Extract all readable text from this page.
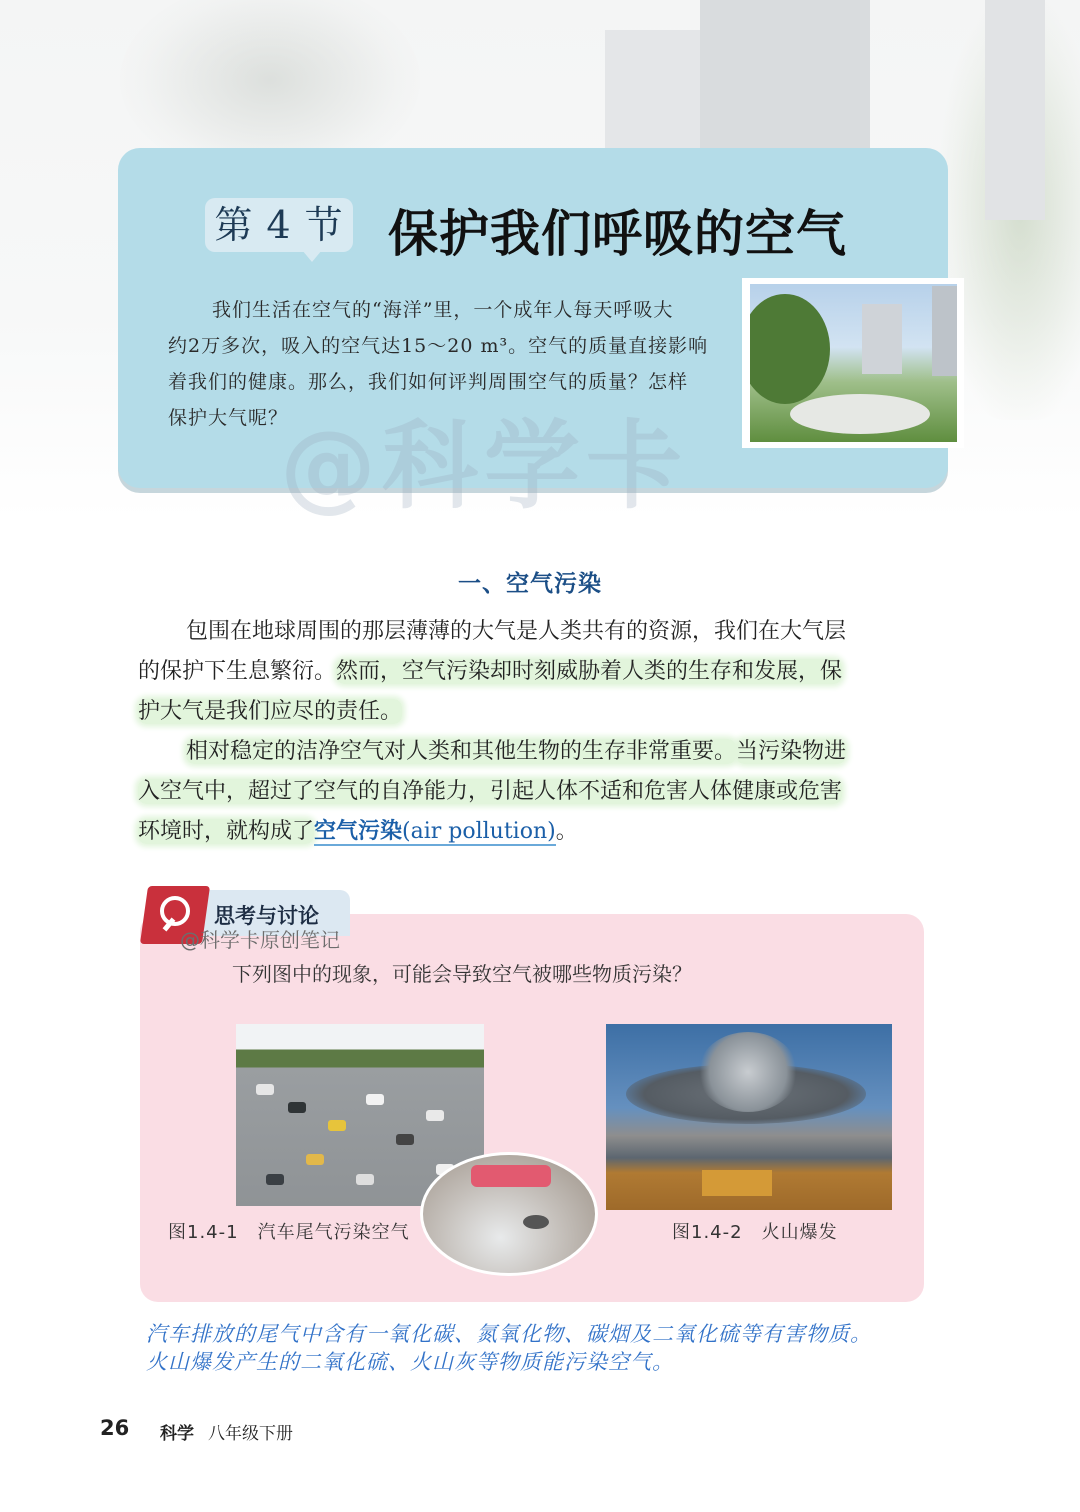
第 4 节 保护我们呼吸的空气
我们生活在空气的“海洋”里，一个成年人每天呼吸大
约2万多次，吸入的空气达15～20 m³。空气的质量直接影响
着我们的健康。那么，我们如何评判周围空气的质量？怎样
保护大气呢？
@科学卡
一、空气污染
包围在地球周围的那层薄薄的大气是人类共有的资源，我们在大气层
的保护下生息繁衍。然而，空气污染却时刻威胁着人类的生存和发展，保
护大气是我们应尽的责任。
相对稳定的洁净空气对人类和其他生物的生存非常重要。当污染物进
入空气中，超过了空气的自净能力，引起人体不适和危害人体健康或危害
环境时，就构成了空气污染(air pollution)。
思考与讨论
@科学卡原创笔记
下列图中的现象，可能会导致空气被哪些物质污染？
图1.4-1　汽车尾气污染空气	图1.4-2　火山爆发
汽车排放的尾气中含有一氧化碳、氮氧化物、碳烟及二氧化硫等有害物质。
火山爆发产生的二氧化硫、火山灰等物质能污染空气。
26 科学 八年级下册
